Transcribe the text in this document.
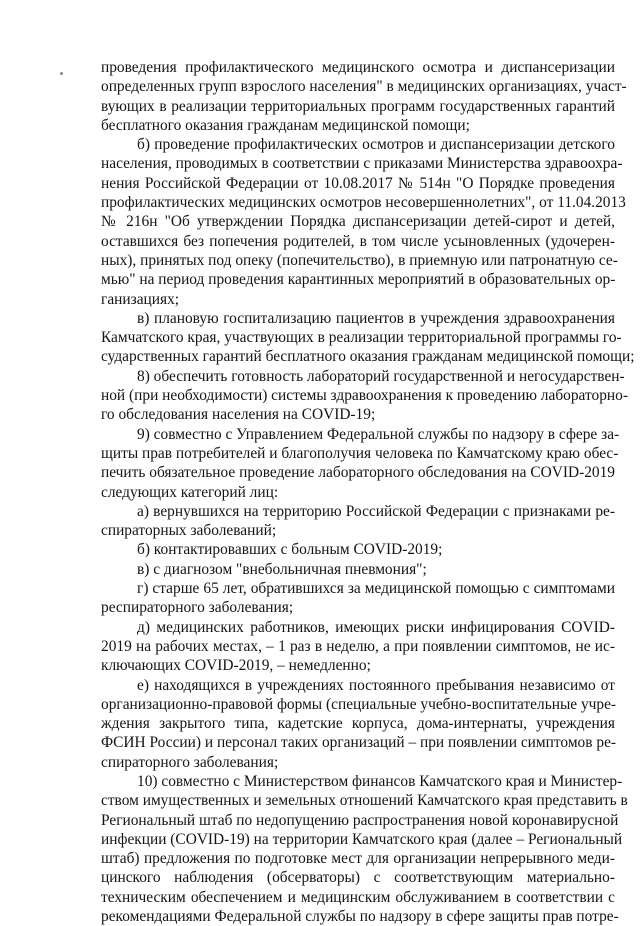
проведения профилактического медицинского осмотра и диспансеризации
определенных групп взрослого населения" в медицинских организациях, участ-
вующих в реализации территориальных программ государственных гарантий
бесплатного оказания гражданам медицинской помощи;
б) проведение профилактических осмотров и диспансеризации детского
населения, проводимых в соответствии с приказами Министерства здравоохра-
нения Российской Федерации от 10.08.2017 № 514н "О Порядке проведения
профилактических медицинских осмотров несовершеннолетних", от 11.04.2013
№ 216н "Об утверждении Порядка диспансеризации детей-сирот и детей,
оставшихся без попечения родителей, в том числе усыновленных (удочерен-
ных), принятых под опеку (попечительство), в приемную или патронатную се-
мью" на период проведения карантинных мероприятий в образовательных ор-
ганизациях;
в) плановую госпитализацию пациентов в учреждения здравоохранения
Камчатского края, участвующих в реализации территориальной программы го-
сударственных гарантий бесплатного оказания гражданам медицинской помощи;
8) обеспечить готовность лабораторий государственной и негосударствен-
ной (при необходимости) системы здравоохранения к проведению лабораторно-
го обследования населения на COVID-19;
9) совместно с Управлением Федеральной службы по надзору в сфере за-
щиты прав потребителей и благополучия человека по Камчатскому краю обес-
печить обязательное проведение лабораторного обследования на COVID-2019
следующих категорий лиц:
а) вернувшихся на территорию Российской Федерации с признаками ре-
спираторных заболеваний;
б) контактировавших с больным COVID-2019;
в) с диагнозом "внебольничная пневмония";
г) старше 65 лет, обратившихся за медицинской помощью с симптомами
респираторного заболевания;
д) медицинских работников, имеющих риски инфицирования COVID-
2019 на рабочих местах, – 1 раз в неделю, а при появлении симптомов, не ис-
ключающих COVID-2019, – немедленно;
е) находящихся в учреждениях постоянного пребывания независимо от
организационно-правовой формы (специальные учебно-воспитательные учре-
ждения закрытого типа, кадетские корпуса, дома-интернаты, учреждения
ФСИН России) и персонал таких организаций – при появлении симптомов ре-
спираторного заболевания;
10) совместно с Министерством финансов Камчатского края и Министер-
ством имущественных и земельных отношений Камчатского края представить в
Региональный штаб по недопущению распространения новой коронавирусной
инфекции (COVID-19) на территории Камчатского края (далее – Региональный
штаб) предложения по подготовке мест для организации непрерывного меди-
цинского наблюдения (обсерваторы) с соответствующим материально-
техническим обеспечением и медицинским обслуживанием в соответствии с
рекомендациями Федеральной службы по надзору в сфере защиты прав потре-
